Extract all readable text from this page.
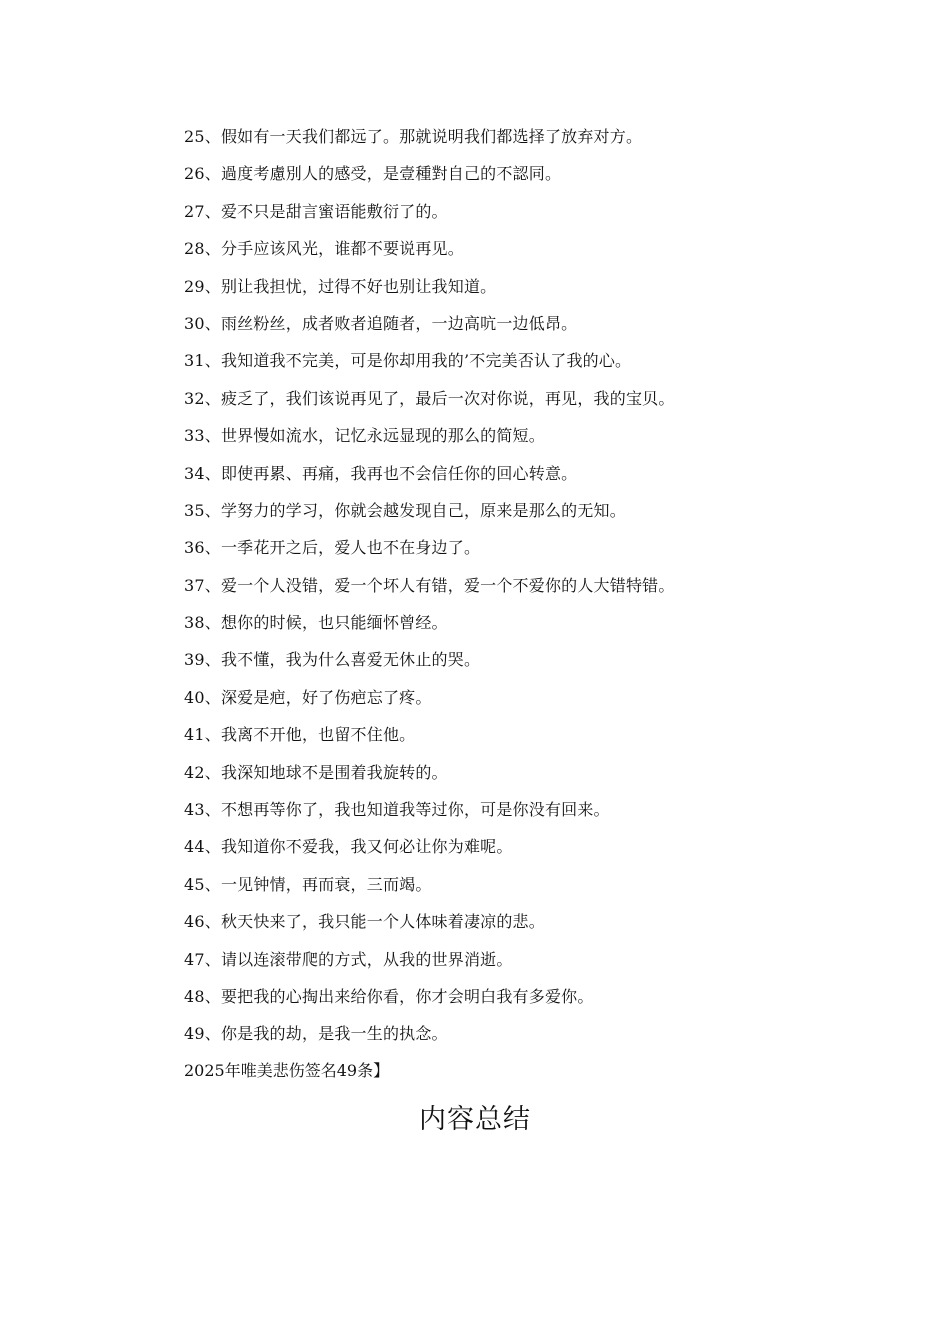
25、假如有一天我们都远了。那就说明我们都选择了放弃对方。
26、過度考慮別人的感受，是壹種對自己的不認同。
27、爱不只是甜言蜜语能敷衍了的。
28、分手应该风光，谁都不要说再见。
29、别让我担忧，过得不好也别让我知道。
30、雨丝粉丝，成者败者追随者，一边高吭一边低昂。
31、我知道我不完美，可是你却用我的’不完美否认了我的心。
32、疲乏了，我们该说再见了，最后一次对你说，再见，我的宝贝。
33、世界慢如流水，记忆永远显现的那么的简短。
34、即使再累、再痛，我再也不会信任你的回心转意。
35、学努力的学习，你就会越发现自己，原来是那么的无知。
36、一季花开之后，爱人也不在身边了。
37、爱一个人没错，爱一个坏人有错，爱一个不爱你的人大错特错。
38、想你的时候，也只能缅怀曾经。
39、我不懂，我为什么喜爱无休止的哭。
40、深爱是疤，好了伤疤忘了疼。
41、我离不开他，也留不住他。
42、我深知地球不是围着我旋转的。
43、不想再等你了，我也知道我等过你，可是你没有回来。
44、我知道你不爱我，我又何必让你为难呢。
45、一见钟情，再而衰，三而竭。
46、秋天快来了，我只能一个人体味着凄凉的悲。
47、请以连滚带爬的方式，从我的世界消逝。
48、要把我的心掏出来给你看，你才会明白我有多爱你。
49、你是我的劫，是我一生的执念。
2025年唯美悲伤签名49条】
内容总结
